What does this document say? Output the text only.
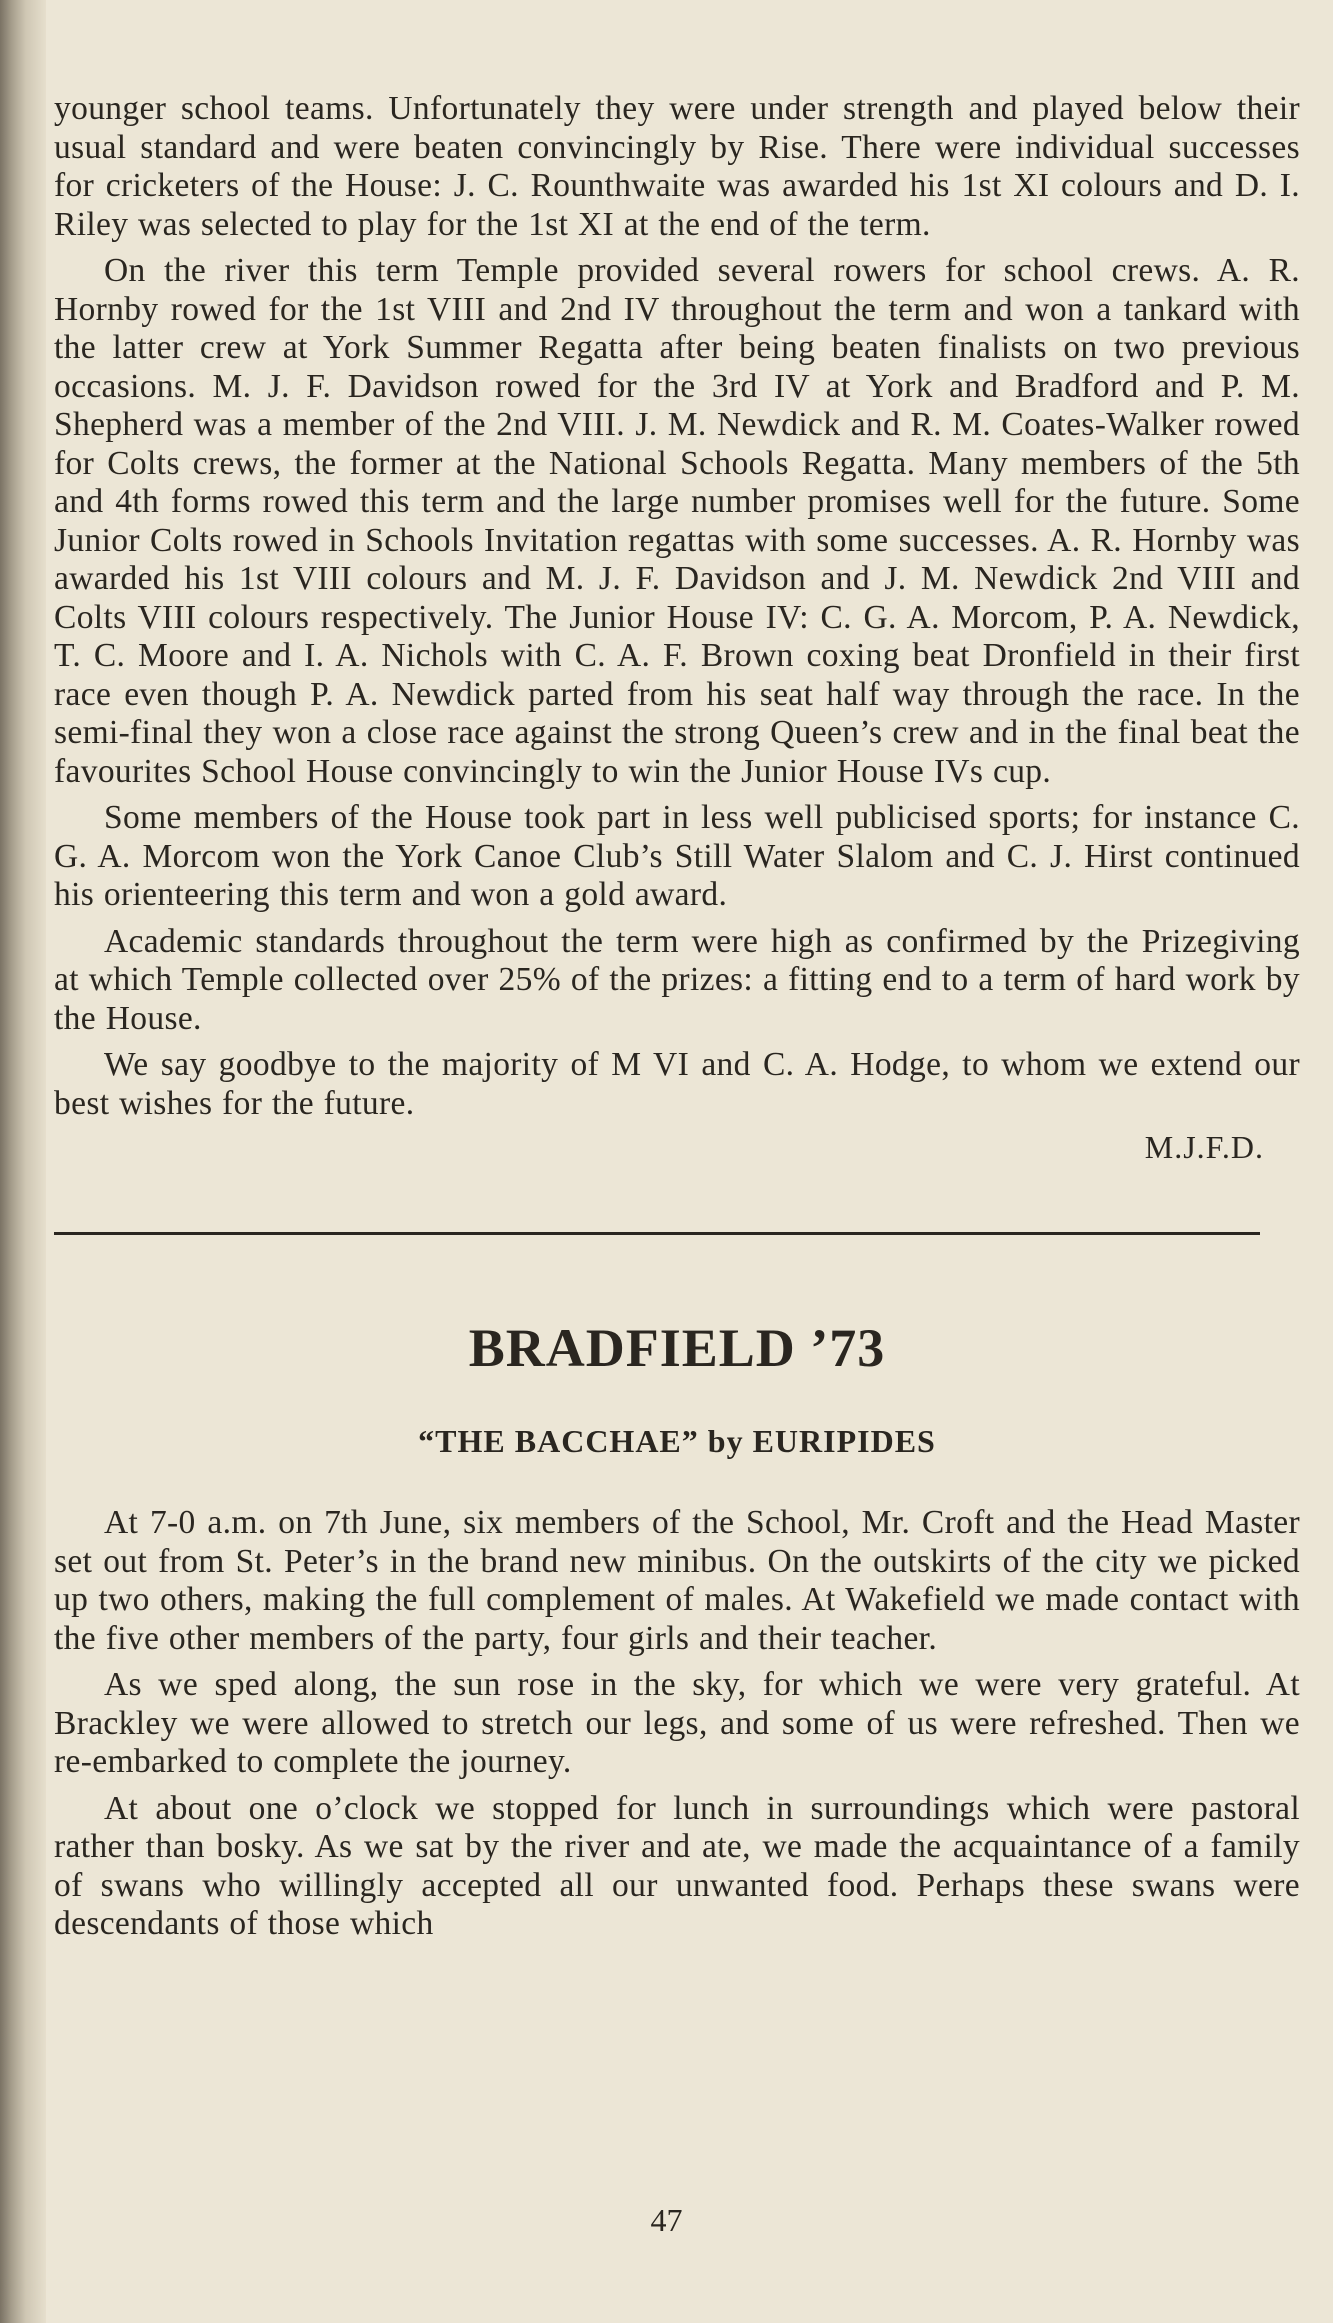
younger school teams. Unfortunately they were under strength and played below their usual standard and were beaten convincingly by Rise. There were individual successes for cricketers of the House: J. C. Rounthwaite was awarded his 1st XI colours and D. I. Riley was selected to play for the 1st XI at the end of the term.

On the river this term Temple provided several rowers for school crews. A. R. Hornby rowed for the 1st VIII and 2nd IV throughout the term and won a tankard with the latter crew at York Summer Regatta after being beaten finalists on two previous occasions. M. J. F. Davidson rowed for the 3rd IV at York and Bradford and P. M. Shepherd was a member of the 2nd VIII. J. M. Newdick and R. M. Coates-Walker rowed for Colts crews, the former at the National Schools Regatta. Many members of the 5th and 4th forms rowed this term and the large number promises well for the future. Some Junior Colts rowed in Schools Invitation regattas with some successes. A. R. Hornby was awarded his 1st VIII colours and M. J. F. Davidson and J. M. Newdick 2nd VIII and Colts VIII colours respectively. The Junior House IV: C. G. A. Morcom, P. A. Newdick, T. C. Moore and I. A. Nichols with C. A. F. Brown coxing beat Dronfield in their first race even though P. A. Newdick parted from his seat half way through the race. In the semi-final they won a close race against the strong Queen’s crew and in the final beat the favourites School House convincingly to win the Junior House IVs cup.

Some members of the House took part in less well publicised sports; for instance C. G. A. Morcom won the York Canoe Club’s Still Water Slalom and C. J. Hirst continued his orienteering this term and won a gold award.

Academic standards throughout the term were high as confirmed by the Prizegiving at which Temple collected over 25% of the prizes: a fitting end to a term of hard work by the House.

We say goodbye to the majority of M VI and C. A. Hodge, to whom we extend our best wishes for the future.

M.J.F.D.
BRADFIELD ’73
“THE BACCHAE” by EURIPIDES

At 7-0 a.m. on 7th June, six members of the School, Mr. Croft and the Head Master set out from St. Peter’s in the brand new minibus. On the outskirts of the city we picked up two others, making the full complement of males. At Wakefield we made contact with the five other members of the party, four girls and their teacher.

As we sped along, the sun rose in the sky, for which we were very grateful. At Brackley we were allowed to stretch our legs, and some of us were refreshed. Then we re-embarked to complete the journey.

At about one o’clock we stopped for lunch in surroundings which were pastoral rather than bosky. As we sat by the river and ate, we made the acquaintance of a family of swans who willingly accepted all our unwanted food. Perhaps these swans were descendants of those which

47
